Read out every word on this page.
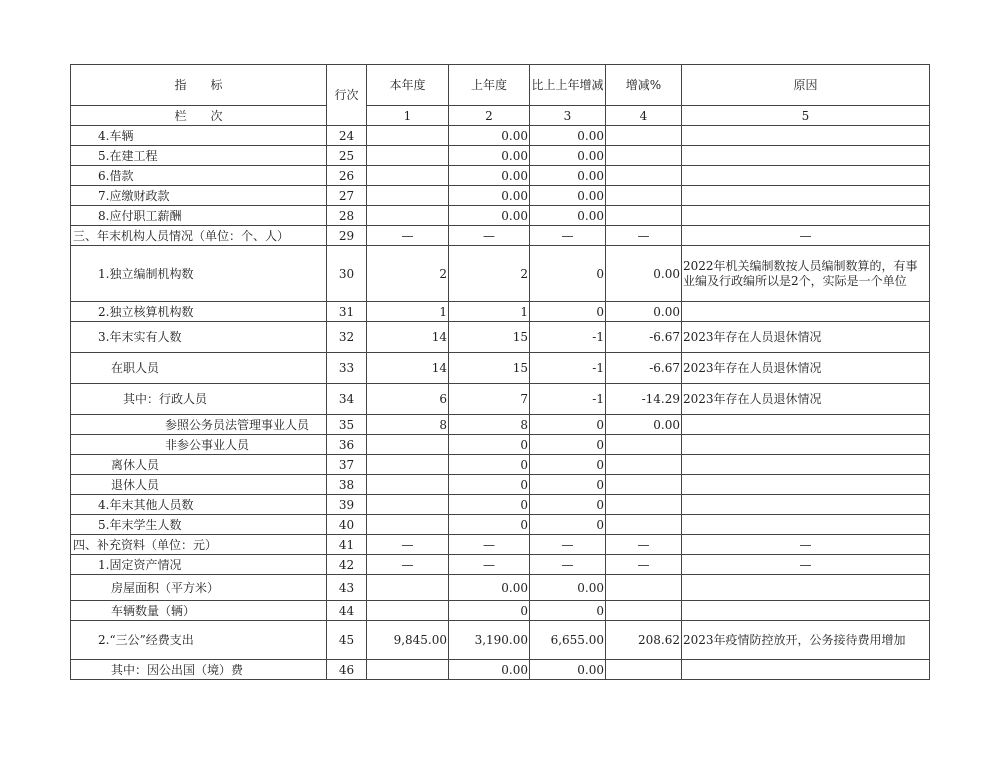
指　　标	行次	本年度	上年度	比上上年增减	增减%	原因
栏　　次		1	2	3	4	5
4.车辆	24		0.00	0.00		
5.在建工程	25		0.00	0.00		
6.借款	26		0.00	0.00		
7.应缴财政款	27		0.00	0.00		
8.应付职工薪酬	28		0.00	0.00		
三、年末机构人员情况（单位：个、人）	29	—	—	—	—	—
1.独立编制机构数	30	2	2	0	0.00	2022年机关编制数按人员编制数算的，有事业编及行政编所以是2个，实际是一个单位
2.独立核算机构数	31	1	1	0	0.00	
3.年末实有人数	32	14	15	-1	-6.67	2023年存在人员退休情况
在职人员	33	14	15	-1	-6.67	2023年存在人员退休情况
其中：行政人员	34	6	7	-1	-14.29	2023年存在人员退休情况
参照公务员法管理事业人员	35	8	8	0	0.00	
非参公事业人员	36		0	0		
离休人员	37		0	0		
退休人员	38		0	0		
4.年末其他人员数	39		0	0		
5.年末学生人数	40		0	0		
四、补充资料（单位：元）	41	—	—	—	—	—
1.固定资产情况	42	—	—	—	—	—
房屋面积（平方米）	43		0.00	0.00		
车辆数量（辆）	44		0	0		
2.“三公”经费支出	45	9,845.00	3,190.00	6,655.00	208.62	2023年疫情防控放开，公务接待费用增加
其中：因公出国（境）费	46		0.00	0.00		
